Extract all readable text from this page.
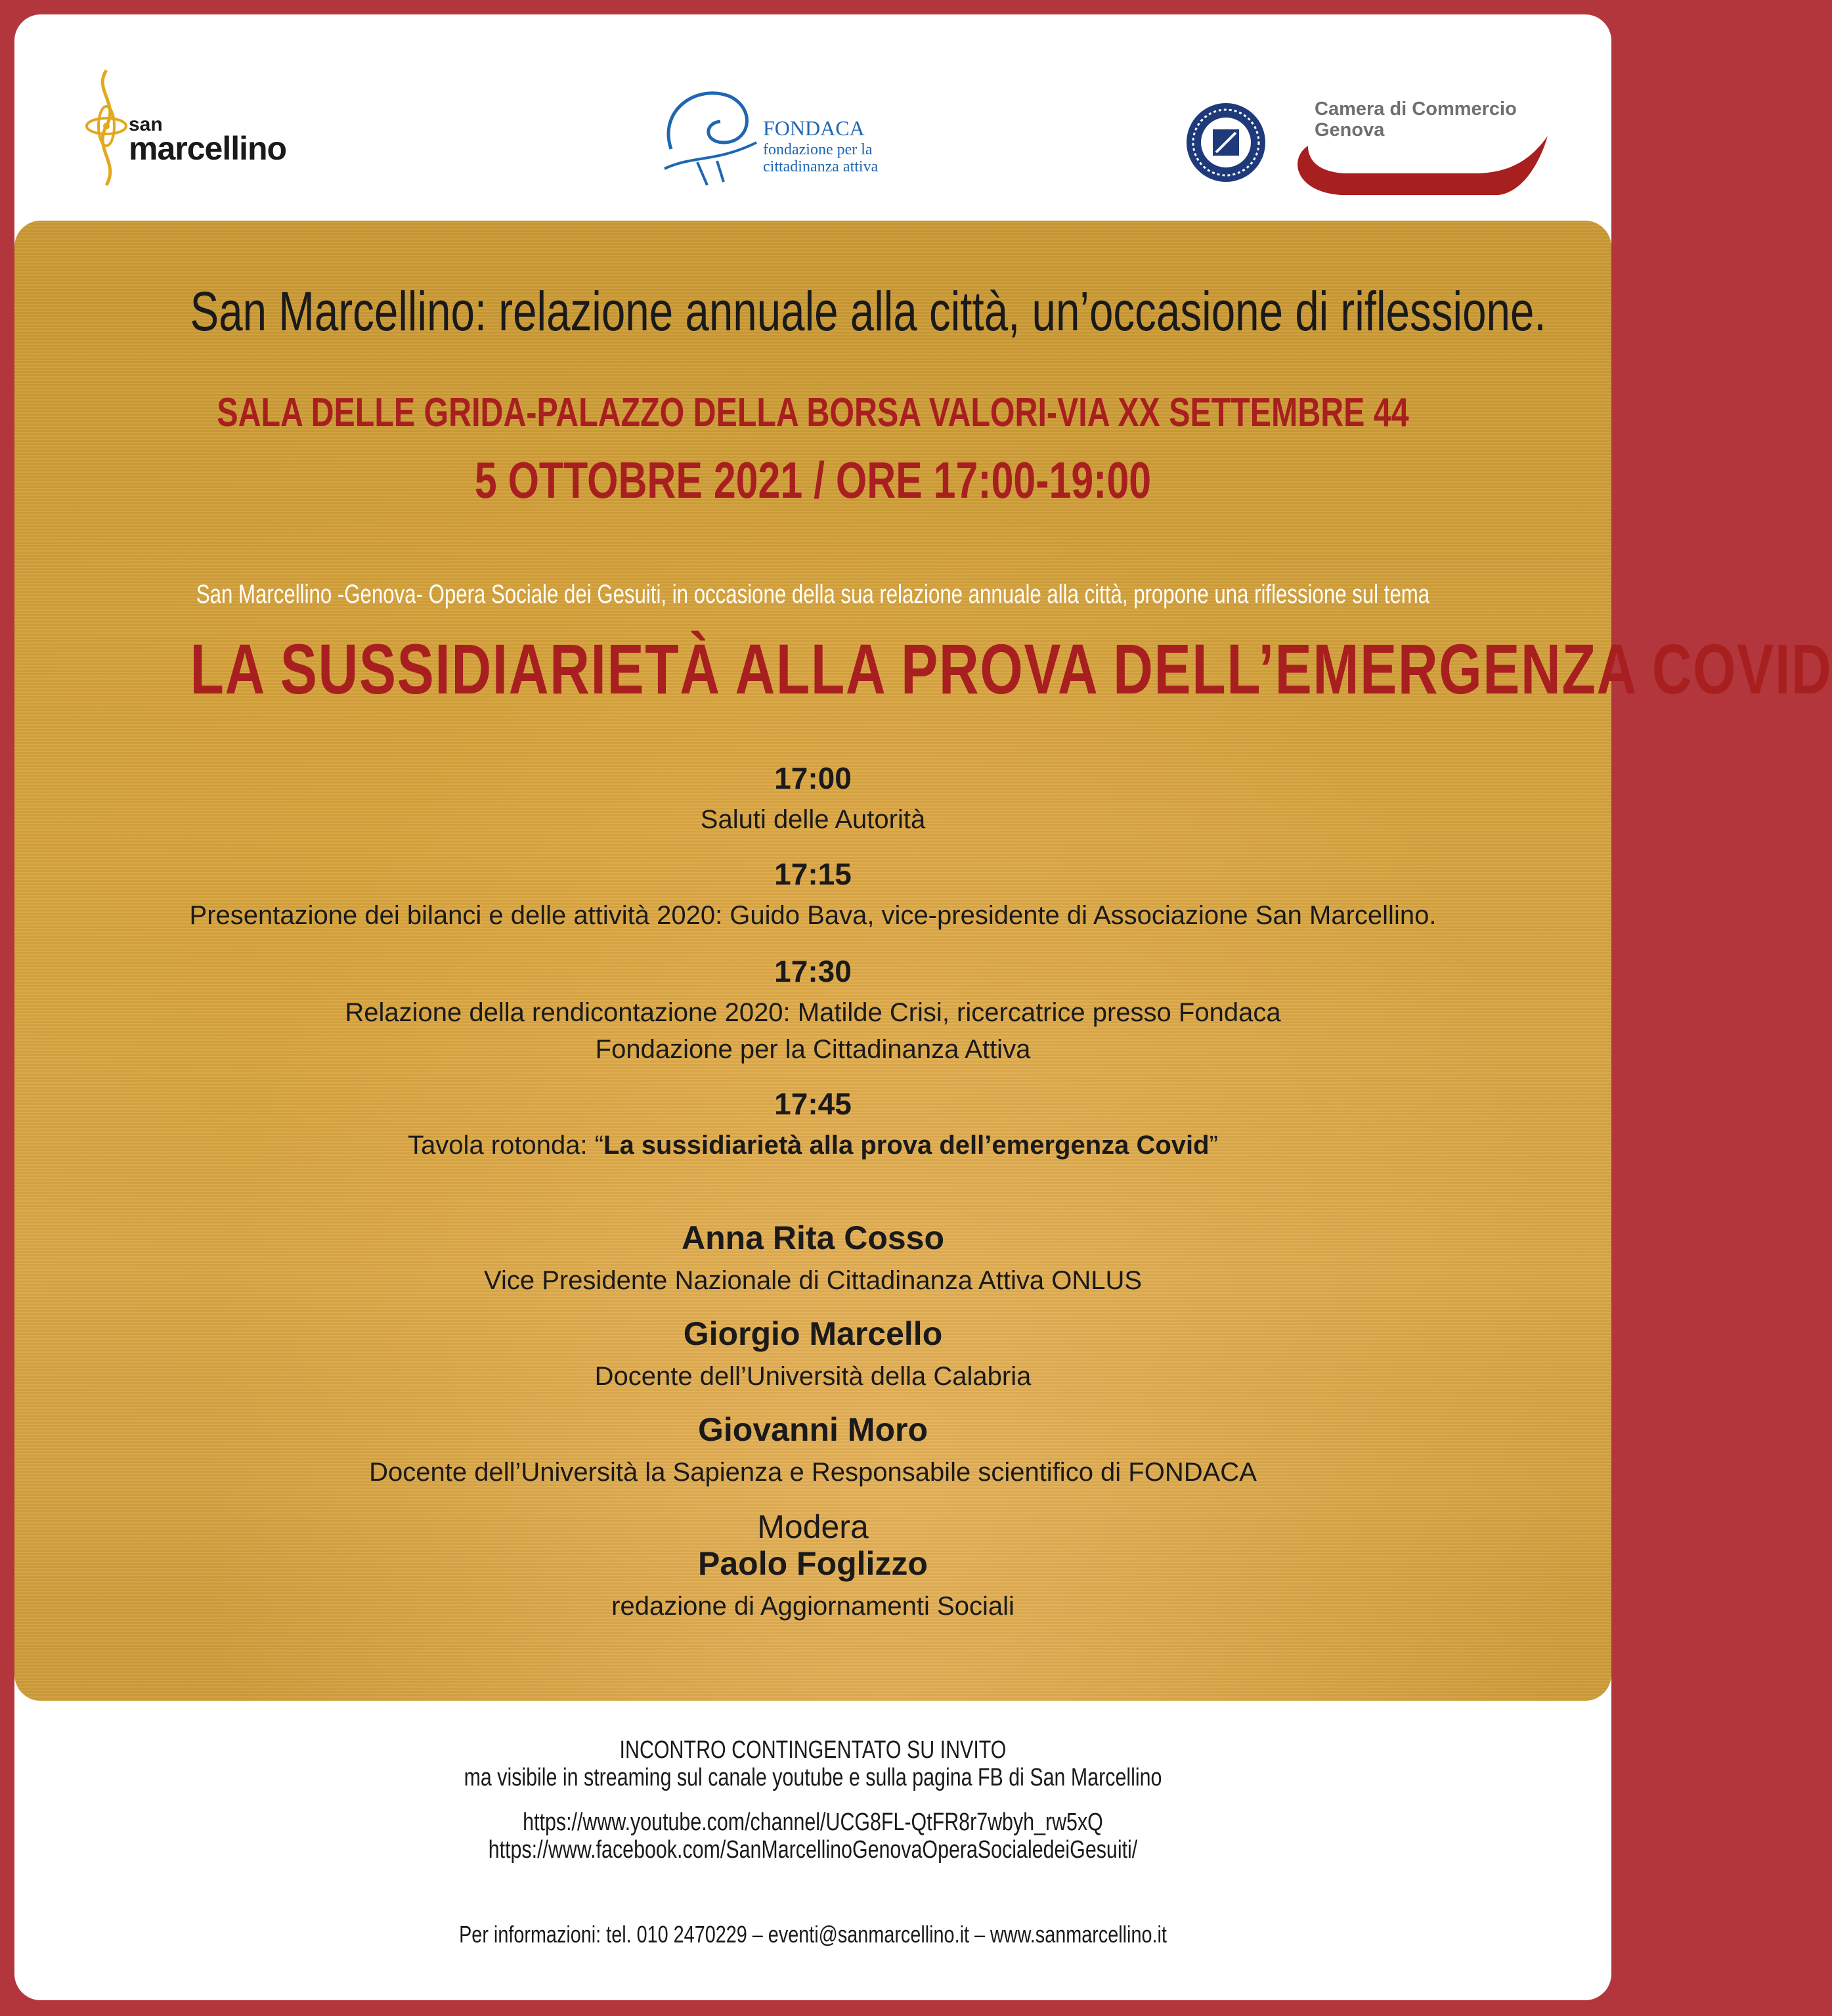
san
marcellino
FONDACA
fondazione per la cittadinanza attiva
Camera di Commercio
Genova
San Marcellino: relazione annuale alla città, un’occasione di riflessione.
SALA DELLE GRIDA-PALAZZO DELLA BORSA VALORI-VIA XX SETTEMBRE 44
5 OTTOBRE 2021 / ORE 17:00-19:00
San Marcellino -Genova- Opera Sociale dei Gesuiti, in occasione della sua relazione annuale alla città, propone una riflessione sul tema
LA SUSSIDIARIETÀ ALLA PROVA DELL’EMERGENZA COVID
17:00
Saluti delle Autorità
17:15
Presentazione dei bilanci e delle attività 2020: Guido Bava, vice-presidente di Associazione San Marcellino.
17:30
Relazione della rendicontazione 2020: Matilde Crisi, ricercatrice presso Fondaca
Fondazione per la Cittadinanza Attiva
17:45
Tavola rotonda: “La sussidiarietà alla prova dell’emergenza Covid”
Anna Rita Cosso
Vice Presidente Nazionale di Cittadinanza Attiva ONLUS
Giorgio Marcello
Docente dell’Università della Calabria
Giovanni Moro
Docente dell’Università la Sapienza e Responsabile scientifico di FONDACA
Modera
Paolo Foglizzo
redazione di Aggiornamenti Sociali
INCONTRO CONTINGENTATO SU INVITO
ma visibile in streaming sul canale youtube e sulla pagina FB di San Marcellino
https://www.youtube.com/channel/UCG8FL-QtFR8r7wbyh_rw5xQ
https://www.facebook.com/SanMarcellinoGenovaOperaSocialedeiGesuiti/
Per informazioni: tel. 010 2470229 – eventi@sanmarcellino.it – www.sanmarcellino.it
